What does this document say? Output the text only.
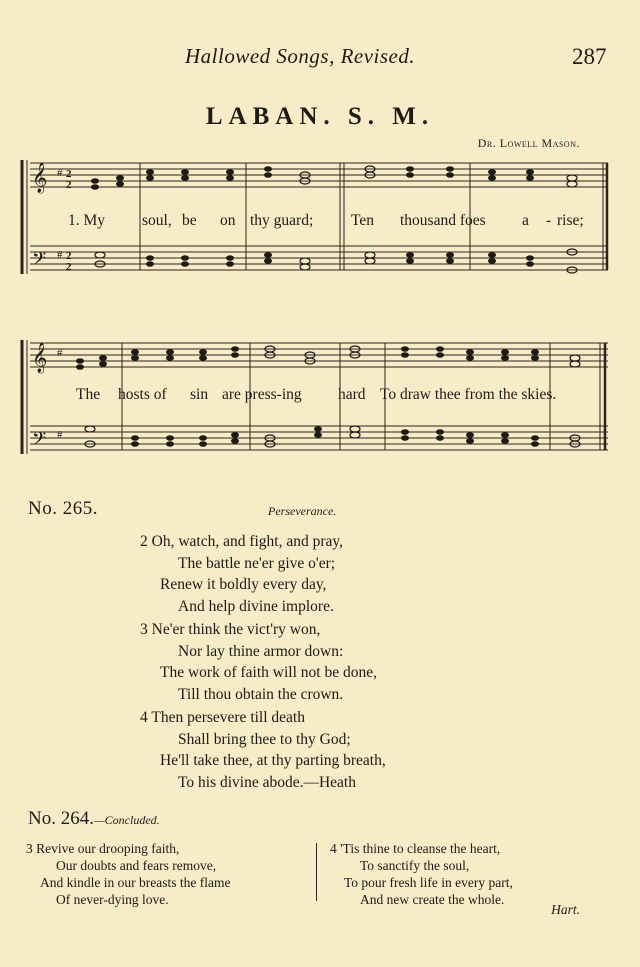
Hallowed Songs, Revised.	287
LABAN. S. M.
Dr. Lowell Mason.
𝄞
𝄢
#
#
2
2
2
2
1. My soul, be on thy guard; Ten thousand foes a - rise;
𝄞
𝄢
#
#
The hosts of sin are press-ing hard To draw thee from the skies.
No. 265.	Perseverance.
2 Oh, watch, and fight, and pray,
The battle ne'er give o'er;
Renew it boldly every day,
And help divine implore.
3 Ne'er think the vict'ry won,
Nor lay thine armor down:
The work of faith will not be done,
Till thou obtain the crown.
4 Then persevere till death
Shall bring thee to thy God;
He'll take thee, at thy parting breath,
To his divine abode.—Heath
No. 264.—Concluded.
3 Revive our drooping faith,
Our doubts and fears remove,
And kindle in our breasts the flame
Of never-dying love.
4 'Tis thine to cleanse the heart,
To sanctify the soul,
To pour fresh life in every part,
And new create the whole.
Hart.
